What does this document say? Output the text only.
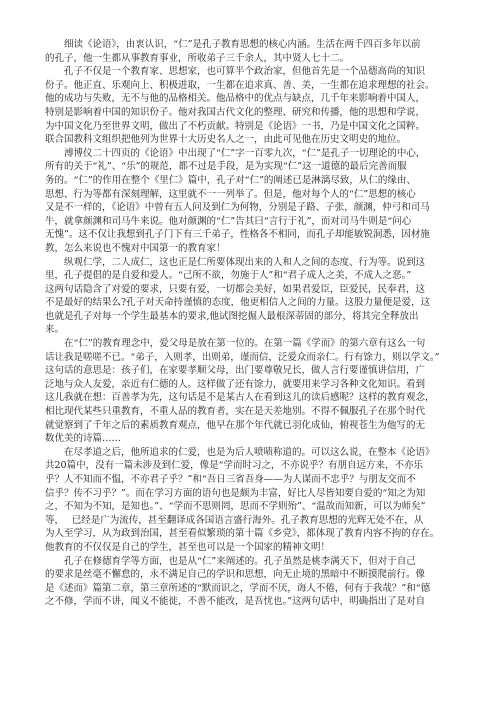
　　细读《论语》，由衷认识，“仁”是孔子教育思想的核心内涵。生活在两千四百多年以前
的孔子，他一生都从事教育事业，所收弟子三千余人，其中贤人七十二。
　　孔子不仅是一个教育家、思想家，也可算半个政治家，但他首先是一个品德高尚的知识
份子。他正直、乐观向上、积极进取，一生都在追求真、善、美，一生都在追求理想的社会。
他的成功与失败，无不与他的品格相关。他品格中的优点与缺点，几千年来影响着中国人，
特别是影响着中国的知识份子。他对我国古代文化的整理、研究和传播，他的思想和学说，
为中国文化乃至世界文明，做出了不朽贡献。特别是《论语》一书，乃是中国文化之国粹。
联合国教科文组织把他列为世界十大历史名人之一，由此可见他在历史文明史的地位。
　　溥博仪二十四页的《论语》中出现了“仁”字一百零九次，“仁”是孔子一切理论的中心，
所有的关于“礼”、“乐”的规范，都不过是手段，是为实现“仁”这一道德的最后完善而服
务的。“仁”的作用在整个《里仁》篇中，孔子对“仁”的阐述已是淋漓尽致，从仁的缘由、
思想、行为等都有深刻理解，这里就不一一列举了。但是，他对每个人的“仁”思想的核心
又是不一样的，《论语》中曾有五人问及到仁为何物，分别是子路、子张，颜渊，仲弓和司马
牛，就拿颜渊和司马牛来说。他对颜渊的“仁”告其曰“言行于礼”，而对司马牛则是“问心
无愧”。这不仅让我想到孔子门下有三千弟子，性格各不相同，而孔子却能敏锐洞悉，因材施
教，怎么来说也不愧对中国第一的教育家！
　　纵观仁学，二人成仁，这也正是仁所要体现出来的人和人之间的态度、行为等。说到这
里，孔子提倡的是自爱和爱人。“己所不欲，勿施于人”和“君子成人之美，不成人之恶。”
这两句话隐含了对爱的要求，只要有爱，一切都会美好，如果君爱臣，臣爱民，民奉君，这
不是最好的结果么?孔子对天命持谨慎的态度，他更相信人之间的力量。这股力量便是爱，这
也就是孔子对每一个学生最基本的要求,他试图挖掘人最根深蒂固的部分，将其完全释放出
来。
　　在“仁”的教育理念中，爱父母是放在第一位的。在第一篇《学而》的第六章有这么一句
话让我是嗟嗟不已。“弟子，入则孝，出则弟，谨而信，泛爱众而亲仁。行有馀力，则以学文。”
这句话的意思是：孩子们，在家要孝顺父母，出门要尊敬兄长，做人言行要谨慎讲信用，广
泛地与众人友爱，亲近有仁德的人。这样做了还有馀力，就要用来学习各种文化知识。看到
这儿我就在想：百善孝为先，这句话是不是某古人在看到这儿的读后感呢？这样的教育观念，
相比现代某些只重教育，不重人品的教育者，实在是天差地别。不得不佩服孔子在那个时代
就觉察到了千年之后的素质教育观点，他早在那个年代就已羽化成仙，俯视苍生为他写的无
数优美的诗篇……
　　在尽孝道之后，他所追求的仁爱，也是为后人喷啧称道的。可以这么说，在整本《论语》
共20篇中，没有一篇未涉及到仁爱，像是“学而时习之，不亦说乎？有朋自远方来，不亦乐
乎？人不知而不愠，不亦君子乎？”和“吾日三省吾身——为人谋而不忠乎？与朋友交而不
信乎？传不习乎？”。而在学习方面的语句也是颇为丰富，好比人尽皆知要自爱的“知之为知
之，不知为不知，是知也。”、“学而不思则罔，思而不学则殆”、“温故而知新，可以为师矣”
等，　 已经是广为流传，甚至翻译成各国语言盛行海外。孔子教育思想的光辉无处不在，从
为人至学习，从为政到治国，甚至看似繁琐的第十篇《乡党》，都体现了教育内容不拘的存在。
他教育的不仅仅是自己的学生，甚至也可以是一个国家的精神文明！
　　孔子在修德育学等方面，也是从“仁”来阐述的。孔子虽然是桃李满天下，但对于自己
的要求是丝毫不懈怠的，永不满足自己的学识和思想，向无止境的黑暗中不断摸爬前行。像
是《述而》篇第二章，第三章所述的“默而识之，学而不厌，诲人不倦，何有于我哉？”和“德
之不修，学而不讲，闻义不能徙，不善不能改，是吾忧也。”这两句话中，明确指出了是对自
